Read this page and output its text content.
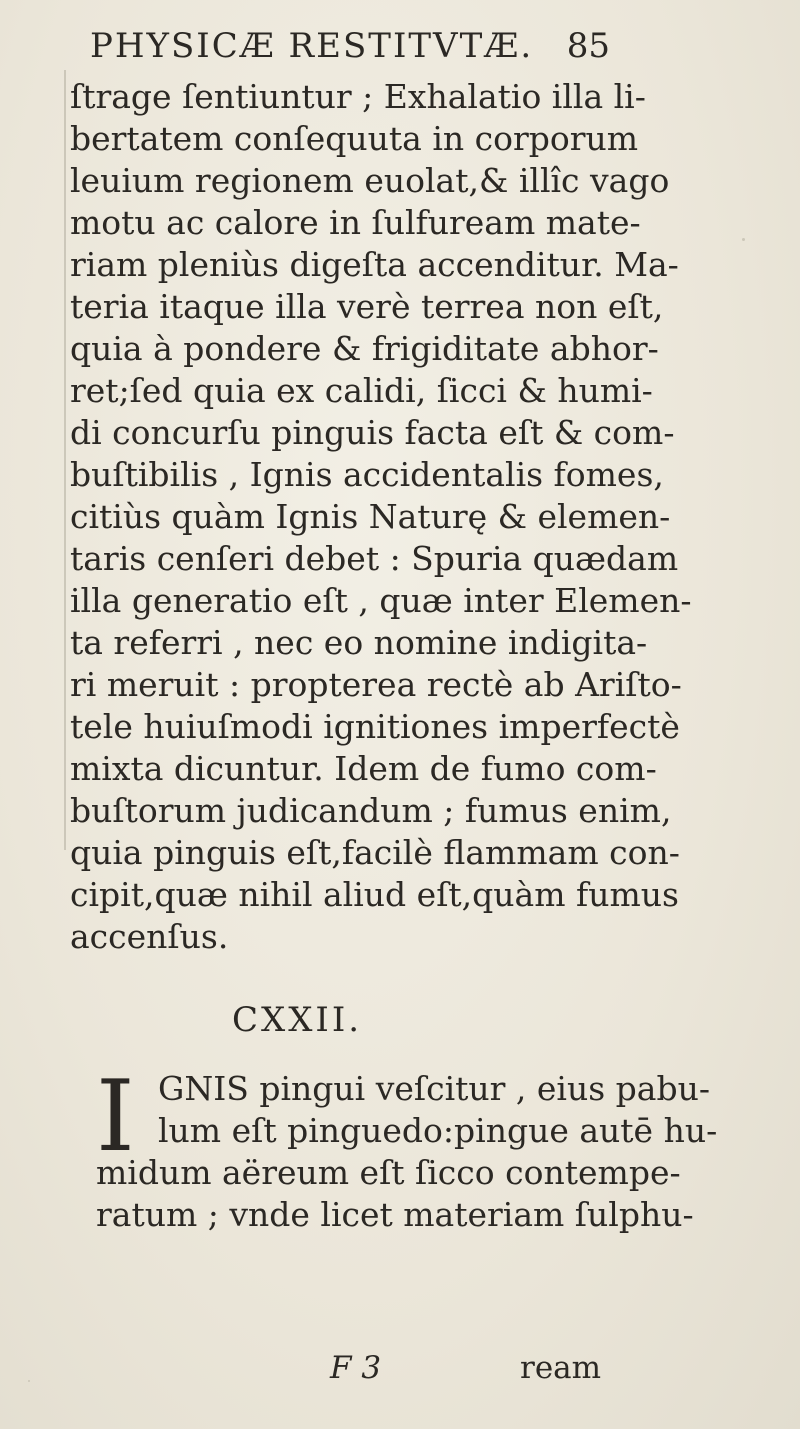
PHYSICÆ RESTITVTÆ. 85
ſtrage ſentiuntur ; Exhalatio illa li-
bertatem conſequuta in corporum
leuium regionem euolat,& illîc vago
motu ac calore in ſulfuream mate-
riam pleniùs digeſta accenditur. Ma-
teria itaque illa verè terrea non eſt,
quia à pondere & frigiditate abhor-
ret;ſed quia ex calidi, ſicci & humi-
di concurſu pinguis facta eſt & com-
buſtibilis , Ignis accidentalis fomes,
citiùs quàm Ignis Naturę & elemen-
taris cenſeri debet : Spuria quædam
illa generatio eſt , quæ inter Elemen-
ta referri , nec eo nomine indigita-
ri meruit : propterea rectè ab Ariſto-
tele huiuſmodi ignitiones imperfectè
mixta dicuntur. Idem de fumo com-
buſtorum judicandum ; fumus enim,
quia pinguis eſt,facilè flammam con-
cipit,quæ nihil aliud eſt,quàm fumus
accenſus.
CXXII.
I GNIS pingui veſcitur , eius pabu-
lum eſt pinguedo:pingue autē hu-
midum aëreum eſt ſicco contempe-
ratum ; vnde licet materiam ſulphu-
F 3	ream
